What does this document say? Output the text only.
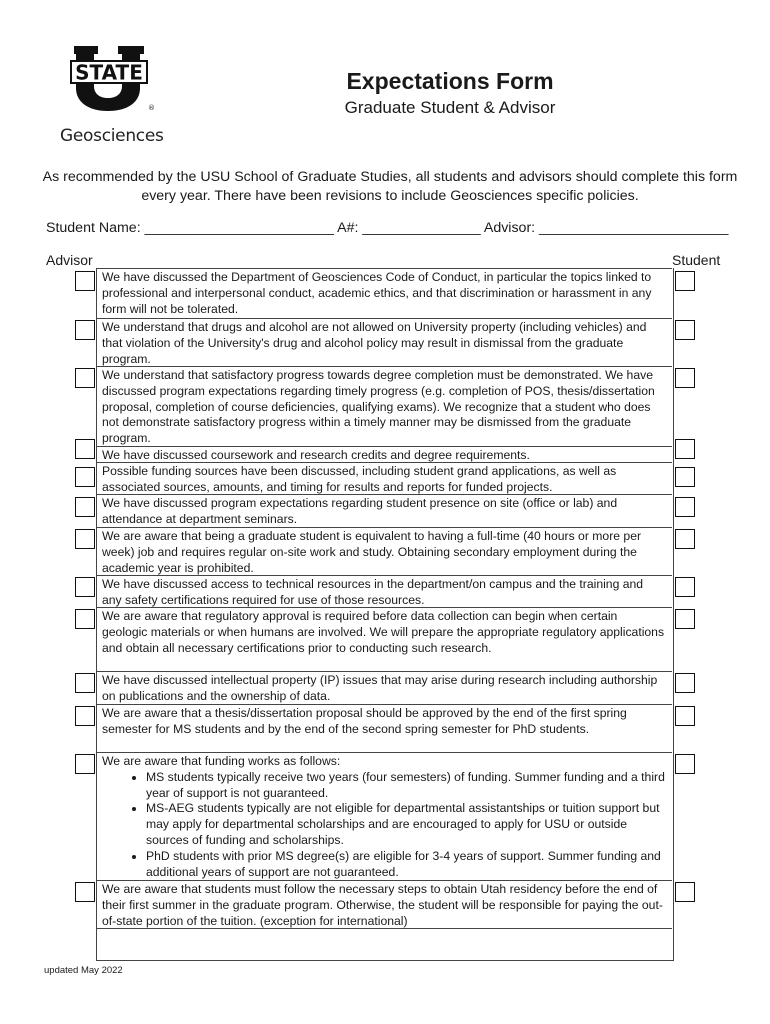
STATE
®
Geosciences
Expectations Form
Graduate Student & Advisor
As recommended by the USU School of Graduate Studies, all students and advisors should complete this form every year. There have been revisions to include Geosciences specific policies.
Student Name: ________________________ A#: _______________ Advisor: ________________________
Advisor	Student
We have discussed the Department of Geosciences Code of Conduct, in particular the topics linked to professional and interpersonal conduct, academic ethics, and that discrimination or harassment in any form will not be tolerated.
We understand that drugs and alcohol are not allowed on University property (including vehicles) and that violation of the University's drug and alcohol policy may result in dismissal from the graduate program.
We understand that satisfactory progress towards degree completion must be demonstrated. We have discussed program expectations regarding timely progress (e.g. completion of POS, thesis/dissertation proposal, completion of course deficiencies, qualifying exams). We recognize that a student who does not demonstrate satisfactory progress within a timely manner may be dismissed from the graduate program.
We have discussed coursework and research credits and degree requirements.
Possible funding sources have been discussed, including student grand applications, as well as associated sources, amounts, and timing for results and reports for funded projects.
We have discussed program expectations regarding student presence on site (office or lab) and attendance at department seminars.
We are aware that being a graduate student is equivalent to having a full-time (40 hours or more per week) job and requires regular on-site work and study. Obtaining secondary employment during the academic year is prohibited.
We have discussed access to technical resources in the department/on campus and the training and any safety certifications required for use of those resources.
We are aware that regulatory approval is required before data collection can begin when certain geologic materials or when humans are involved. We will prepare the appropriate regulatory applications and obtain all necessary certifications prior to conducting such research.
We have discussed intellectual property (IP) issues that may arise during research including authorship on publications and the ownership of data.
We are aware that a thesis/dissertation proposal should be approved by the end of the first spring semester for MS students and by the end of the second spring semester for PhD students.
We are aware that funding works as follows:
• MS students typically receive two years (four semesters) of funding. Summer funding and a third year of support is not guaranteed.
• MS-AEG students typically are not eligible for departmental assistantships or tuition support but may apply for departmental scholarships and are encouraged to apply for USU or outside sources of funding and scholarships.
• PhD students with prior MS degree(s) are eligible for 3-4 years of support. Summer funding and additional years of support are not guaranteed.
We are aware that students must follow the necessary steps to obtain Utah residency before the end of their first summer in the graduate program. Otherwise, the student will be responsible for paying the out-of-state portion of the tuition. (exception for international)
updated May 2022
